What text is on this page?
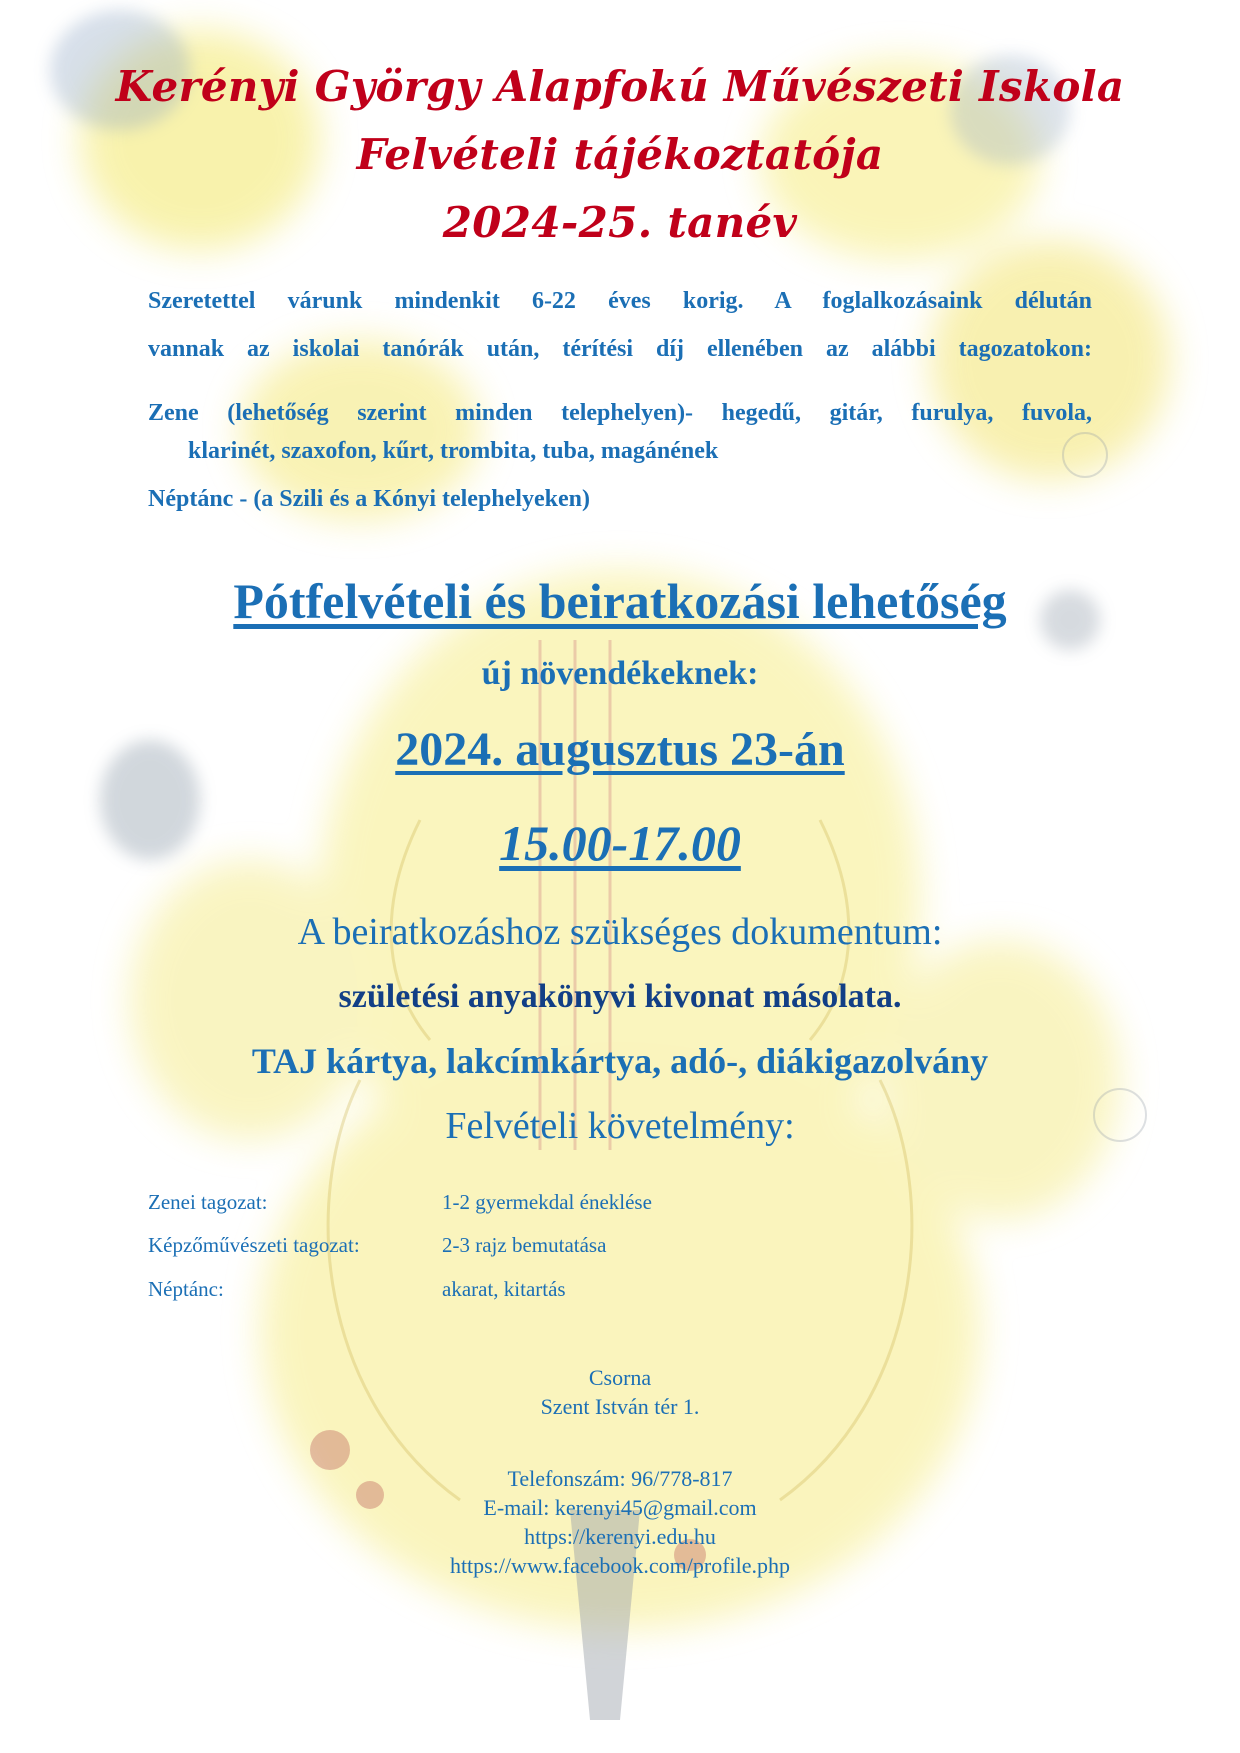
Kerényi György Alapfokú Művészeti Iskola
Felvételi tájékoztatója
2024-25. tanév
Szeretettel várunk mindenkit 6-22 éves korig. A foglalkozásaink délután
vannak az iskolai tanórák után, térítési díj ellenében az alábbi tagozatokon:
Zene (lehetőség szerint minden telephelyen)- hegedű, gitár, furulya, fuvola,
klarinét, szaxofon, kűrt, trombita, tuba, magánének
Néptánc - (a Szili és a Kónyi telephelyeken)
Pótfelvételi és beiratkozási lehetőség
új növendékeknek:
2024. augusztus 23-án
15.00-17.00
A beiratkozáshoz szükséges dokumentum:
születési anyakönyvi kivonat másolata.
TAJ kártya, lakcímkártya, adó-, diákigazolvány
Felvételi követelmény:
Zenei tagozat:	1-2 gyermekdal éneklése
Képzőművészeti tagozat:	2-3 rajz bemutatása
Néptánc:	akarat, kitartás
Csorna
Szent István tér 1.
Telefonszám: 96/778-817
E-mail: kerenyi45@gmail.com
https://kerenyi.edu.hu
https://www.facebook.com/profile.php
